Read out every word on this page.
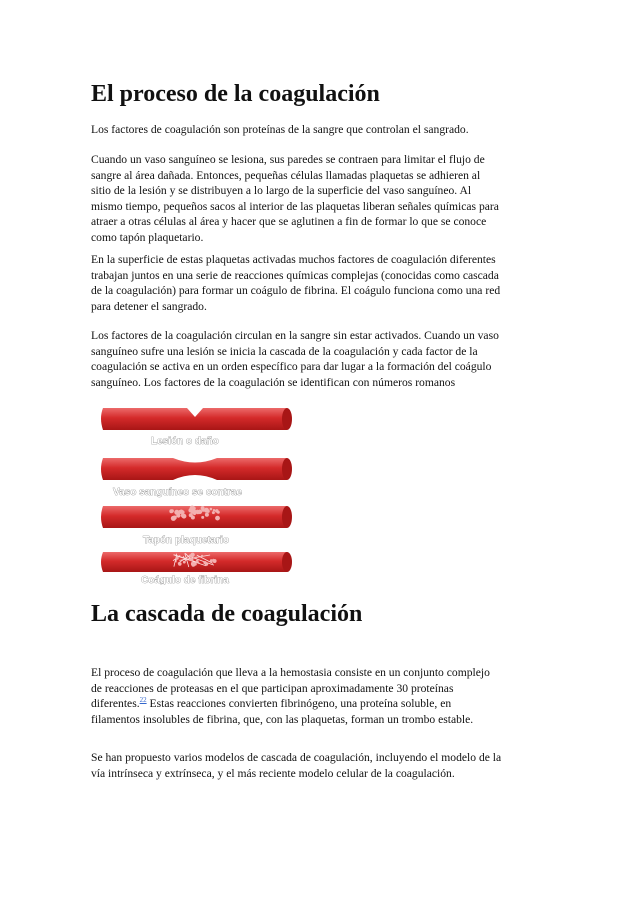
El proceso de la coagulación

Los factores de coagulación son proteínas de la sangre que controlan el sangrado.

Cuando un vaso sanguíneo se lesiona, sus paredes se contraen para limitar el flujo de
sangre al área dañada. Entonces, pequeñas células llamadas plaquetas se adhieren al
sitio de la lesión y se distribuyen a lo largo de la superficie del vaso sanguíneo. Al
mismo tiempo, pequeños sacos al interior de las plaquetas liberan señales químicas para
atraer a otras células al área y hacer que se aglutinen a fin de formar lo que se conoce
como tapón plaquetario.

En la superficie de estas plaquetas activadas muchos factores de coagulación diferentes
trabajan juntos en una serie de reacciones químicas complejas (conocidas como cascada
de la coagulación) para formar un coágulo de fibrina. El coágulo funciona como una red
para detener el sangrado.

Los factores de la coagulación circulan en la sangre sin estar activados. Cuando un vaso
sanguíneo sufre una lesión se inicia la cascada de la coagulación y cada factor de la
coagulación se activa en un orden específico para dar lugar a la formación del coágulo
sanguíneo. Los factores de la coagulación se identifican con números romanos

Lesión o daño
Vaso sanguíneo se contrae
Tapón plaquetario
Coágulo de fibrina
La cascada de coagulación

El proceso de coagulación que lleva a la hemostasia consiste en un conjunto complejo
de reacciones de proteasas en el que participan aproximadamente 30 proteínas
diferentes.$^{22}$ Estas reacciones convierten fibrinógeno, una proteína soluble, en
filamentos insolubles de fibrina, que, con las plaquetas, forman un trombo estable.

Se han propuesto varios modelos de cascada de coagulación, incluyendo el modelo de la
vía intrínseca y extrínseca, y el más reciente modelo celular de la coagulación.
